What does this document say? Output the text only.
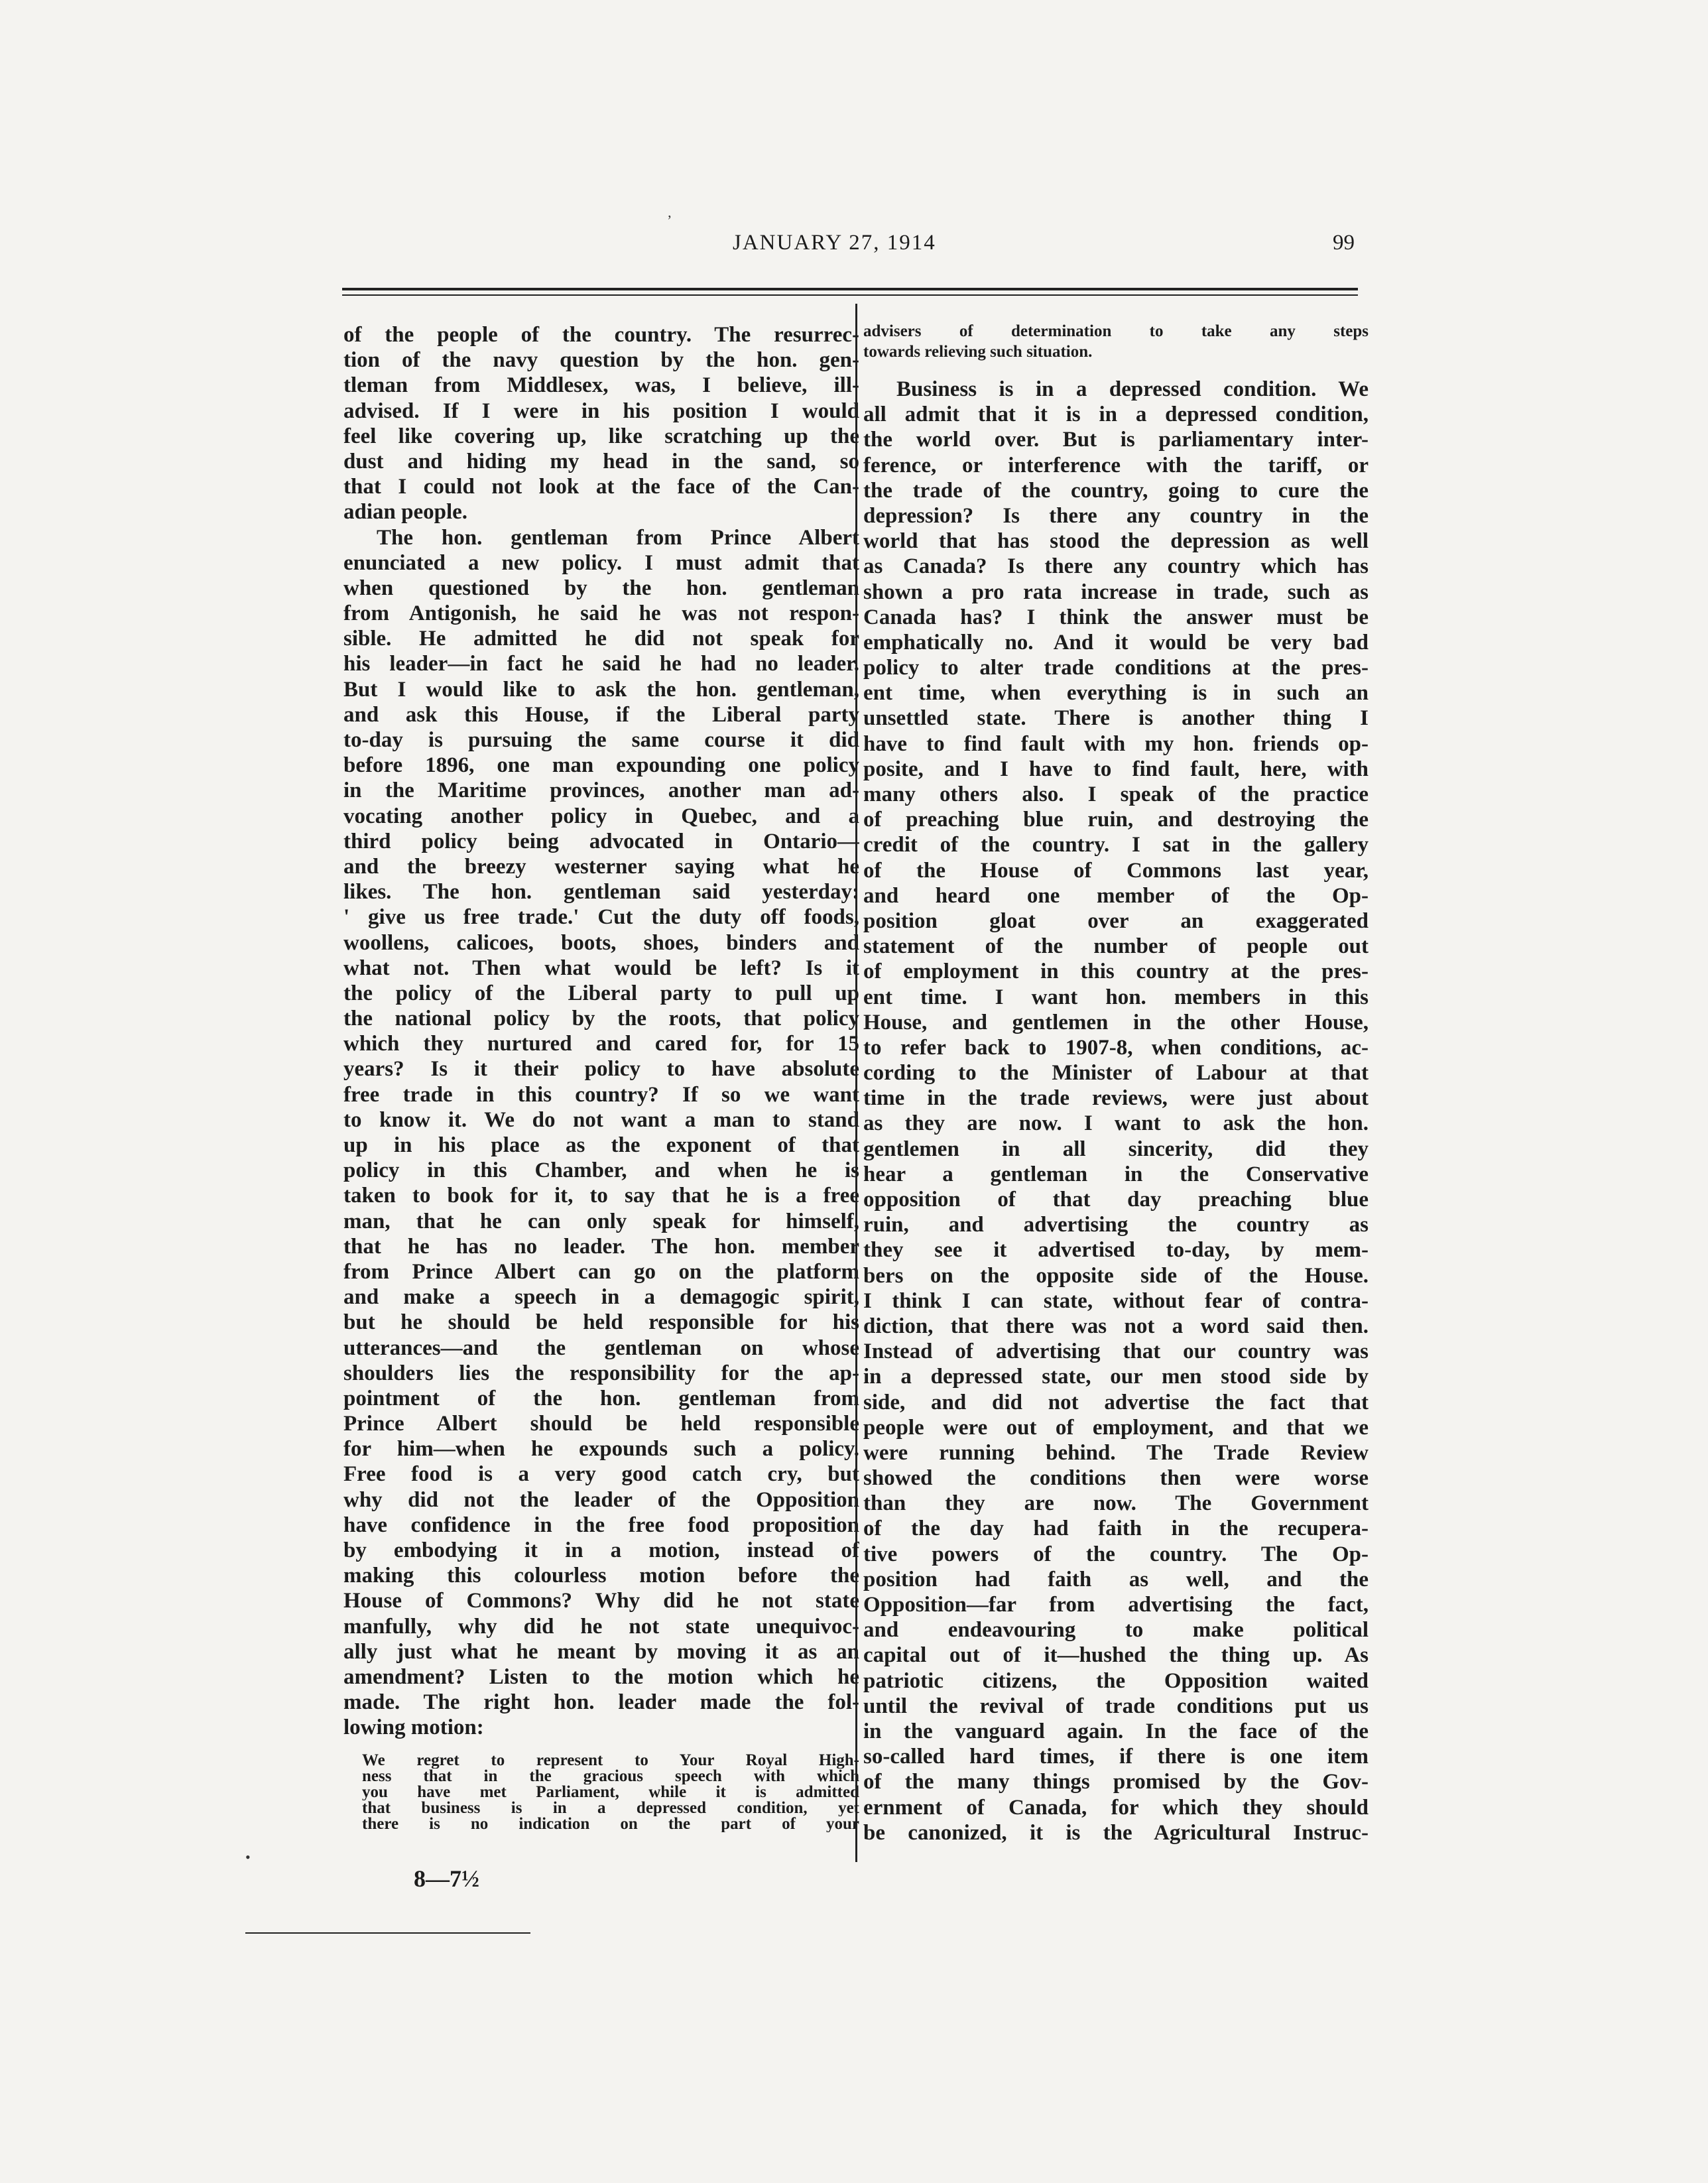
JANUARY 27, 1914	99
of the people of the country. The resurrec-
tion of the navy question by the hon. gen-
tleman from Middlesex, was, I believe, ill-
advised. If I were in his position I would
feel like covering up, like scratching up the
dust and hiding my head in the sand, so
that I could not look at the face of the Can-
adian people.
The hon. gentleman from Prince Albert
enunciated a new policy. I must admit that
when questioned by the hon. gentleman
from Antigonish, he said he was not respon-
sible. He admitted he did not speak for
his leader—in fact he said he had no leader.
But I would like to ask the hon. gentleman,
and ask this House, if the Liberal party
to-day is pursuing the same course it did
before 1896, one man expounding one policy
in the Maritime provinces, another man ad-
vocating another policy in Quebec, and a
third policy being advocated in Ontario—
and the breezy westerner saying what he
likes. The hon. gentleman said yesterday:
' give us free trade.' Cut the duty off foods,
woollens, calicoes, boots, shoes, binders and
what not. Then what would be left? Is it
the policy of the Liberal party to pull up
the national policy by the roots, that policy
which they nurtured and cared for, for 15
years? Is it their policy to have absolute
free trade in this country? If so we want
to know it. We do not want a man to stand
up in his place as the exponent of that
policy in this Chamber, and when he is
taken to book for it, to say that he is a free
man, that he can only speak for himself,
that he has no leader. The hon. member
from Prince Albert can go on the platform
and make a speech in a demagogic spirit,
but he should be held responsible for his
utterances—and the gentleman on whose
shoulders lies the responsibility for the ap-
pointment of the hon. gentleman from
Prince Albert should be held responsible
for him—when he expounds such a policy.
Free food is a very good catch cry, but
why did not the leader of the Opposition
have confidence in the free food proposition
by embodying it in a motion, instead of
making this colourless motion before the
House of Commons? Why did he not state
manfully, why did he not state unequivoc-
ally just what he meant by moving it as an
amendment? Listen to the motion which he
made. The right hon. leader made the fol-
lowing motion:
We regret to represent to Your Royal High-
ness that in the gracious speech with which
you have met Parliament, while it is admitted
that business is in a depressed condition, yet
there is no indication on the part of your
advisers of determination to take any steps
towards relieving such situation.
Business is in a depressed condition. We
all admit that it is in a depressed condition,
the world over. But is parliamentary inter-
ference, or interference with the tariff, or
the trade of the country, going to cure the
depression? Is there any country in the
world that has stood the depression as well
as Canada? Is there any country which has
shown a pro rata increase in trade, such as
Canada has? I think the answer must be
emphatically no. And it would be very bad
policy to alter trade conditions at the pres-
ent time, when everything is in such an
unsettled state. There is another thing I
have to find fault with my hon. friends op-
posite, and I have to find fault, here, with
many others also. I speak of the practice
of preaching blue ruin, and destroying the
credit of the country. I sat in the gallery
of the House of Commons last year,
and heard one member of the Op-
position gloat over an exaggerated
statement of the number of people out
of employment in this country at the pres-
ent time. I want hon. members in this
House, and gentlemen in the other House,
to refer back to 1907-8, when conditions, ac-
cording to the Minister of Labour at that
time in the trade reviews, were just about
as they are now. I want to ask the hon.
gentlemen in all sincerity, did they
hear a gentleman in the Conservative
opposition of that day preaching blue
ruin, and advertising the country as
they see it advertised to-day, by mem-
bers on the opposite side of the House.
I think I can state, without fear of contra-
diction, that there was not a word said then.
Instead of advertising that our country was
in a depressed state, our men stood side by
side, and did not advertise the fact that
people were out of employment, and that we
were running behind. The Trade Review
showed the conditions then were worse
than they are now. The Government
of the day had faith in the recupera-
tive powers of the country. The Op-
position had faith as well, and the
Opposition—far from advertising the fact,
and endeavouring to make political
capital out of it—hushed the thing up. As
patriotic citizens, the Opposition waited
until the revival of trade conditions put us
in the vanguard again. In the face of the
so-called hard times, if there is one item
of the many things promised by the Gov-
ernment of Canada, for which they should
be canonized, it is the Agricultural Instruc-
8—7½
ʼ
•
